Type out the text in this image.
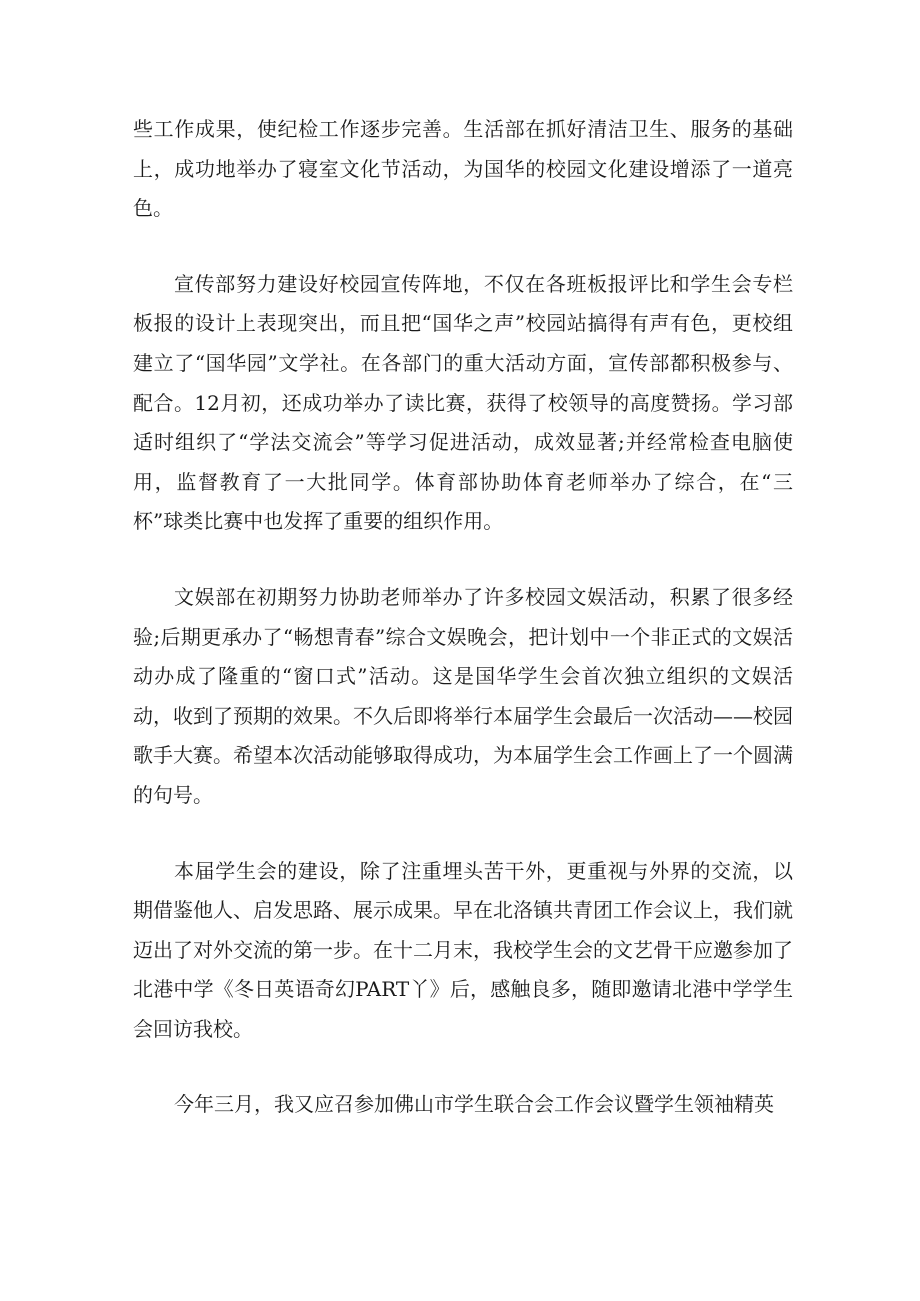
些工作成果，使纪检工作逐步完善。生活部在抓好清洁卫生、服务的基础上，成功地举办了寝室文化节活动，为国华的校园文化建设增添了一道亮色。

宣传部努力建设好校园宣传阵地，不仅在各班板报评比和学生会专栏板报的设计上表现突出，而且把“国华之声”校园站搞得有声有色，更校组建立了“国华园”文学社。在各部门的重大活动方面，宣传部都积极参与、配合。12月初，还成功举办了读比赛，获得了校领导的高度赞扬。学习部适时组织了“学法交流会”等学习促进活动，成效显著;并经常检查电脑使用，监督教育了一大批同学。体育部协助体育老师举办了综合，在“三杯”球类比赛中也发挥了重要的组织作用。

文娱部在初期努力协助老师举办了许多校园文娱活动，积累了很多经验;后期更承办了“畅想青春”综合文娱晚会，把计划中一个非正式的文娱活动办成了隆重的“窗口式”活动。这是国华学生会首次独立组织的文娱活动，收到了预期的效果。不久后即将举行本届学生会最后一次活动——校园歌手大赛。希望本次活动能够取得成功，为本届学生会工作画上了一个圆满的句号。

本届学生会的建设，除了注重埋头苦干外，更重视与外界的交流，以期借鉴他人、启发思路、展示成果。早在北洛镇共青团工作会议上，我们就迈出了对外交流的第一步。在十二月末，我校学生会的文艺骨干应邀参加了北港中学《冬日英语奇幻PART丫》后，感触良多，随即邀请北港中学学生会回访我校。

今年三月，我又应召参加佛山市学生联合会工作会议暨学生领袖精英
